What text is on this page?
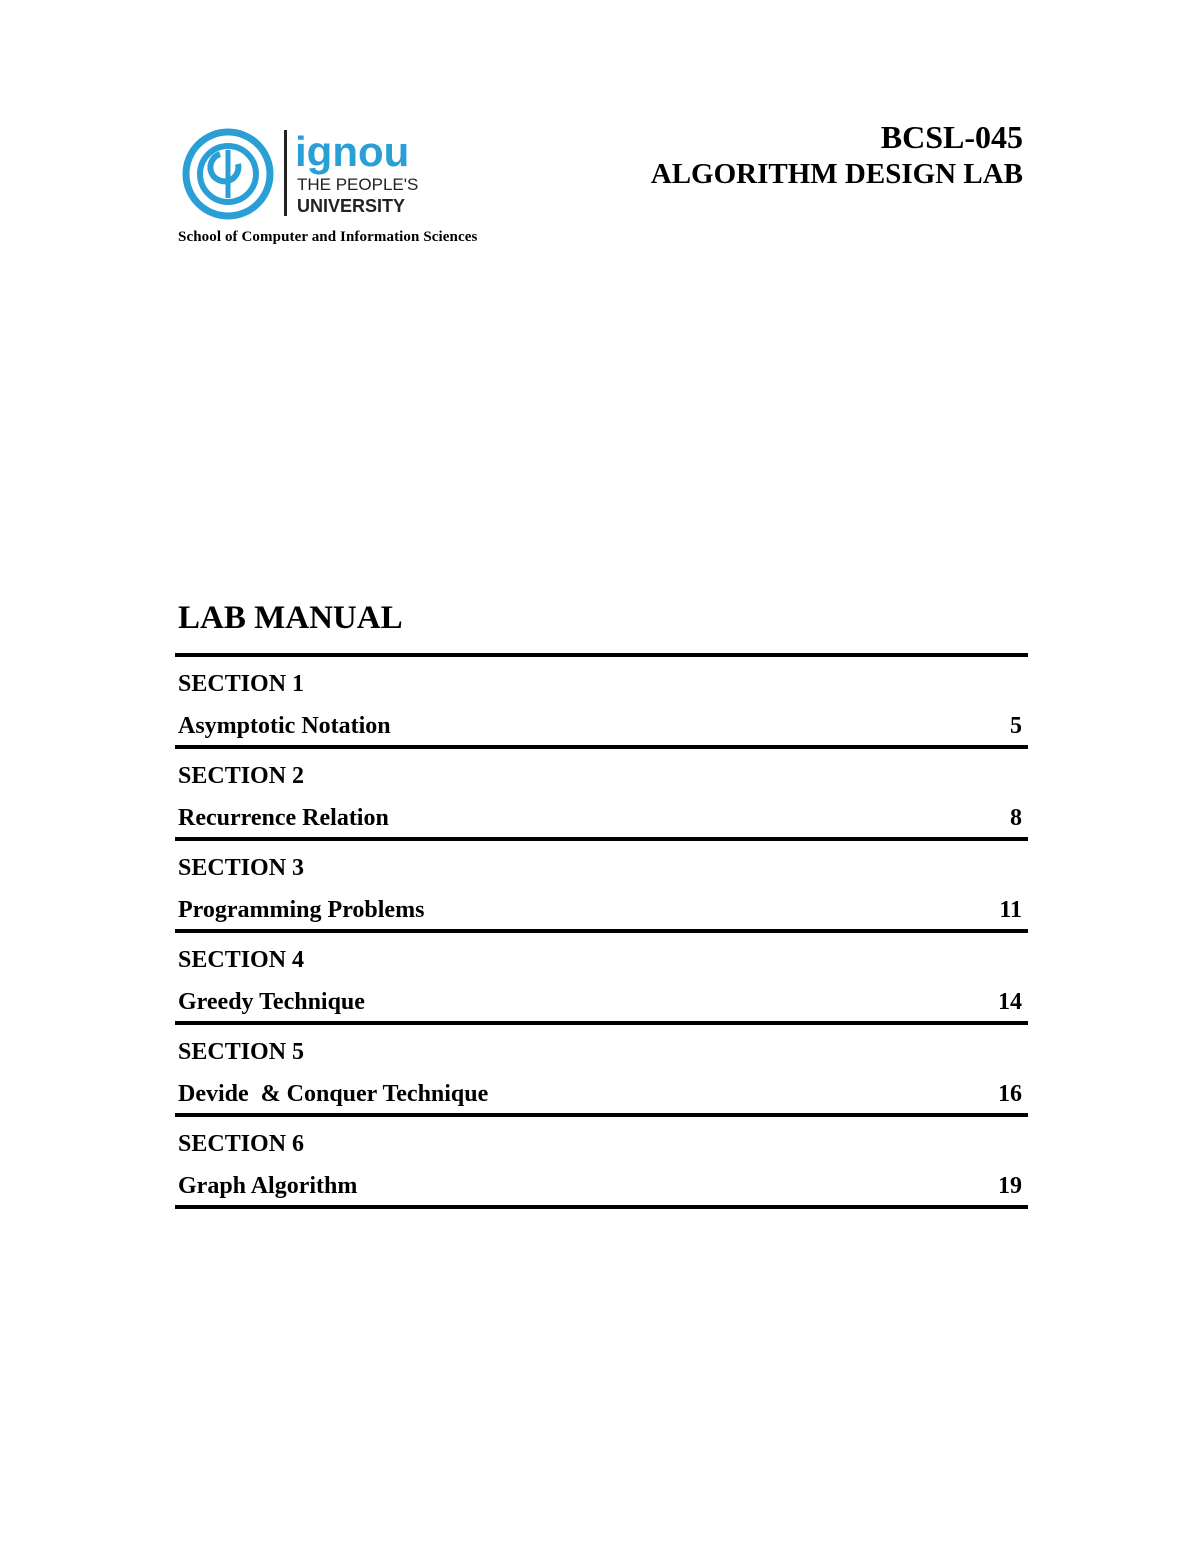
ignou
THE PEOPLE'S
UNIVERSITY
School of Computer and Information Sciences
BCSL-045
ALGORITHM DESIGN LAB
LAB MANUAL
SECTION 1
Asymptotic Notation	5
SECTION 2
Recurrence Relation	8
SECTION 3
Programming Problems	11
SECTION 4
Greedy Technique	14
SECTION 5
Devide  & Conquer Technique	16
SECTION 6
Graph Algorithm	19
